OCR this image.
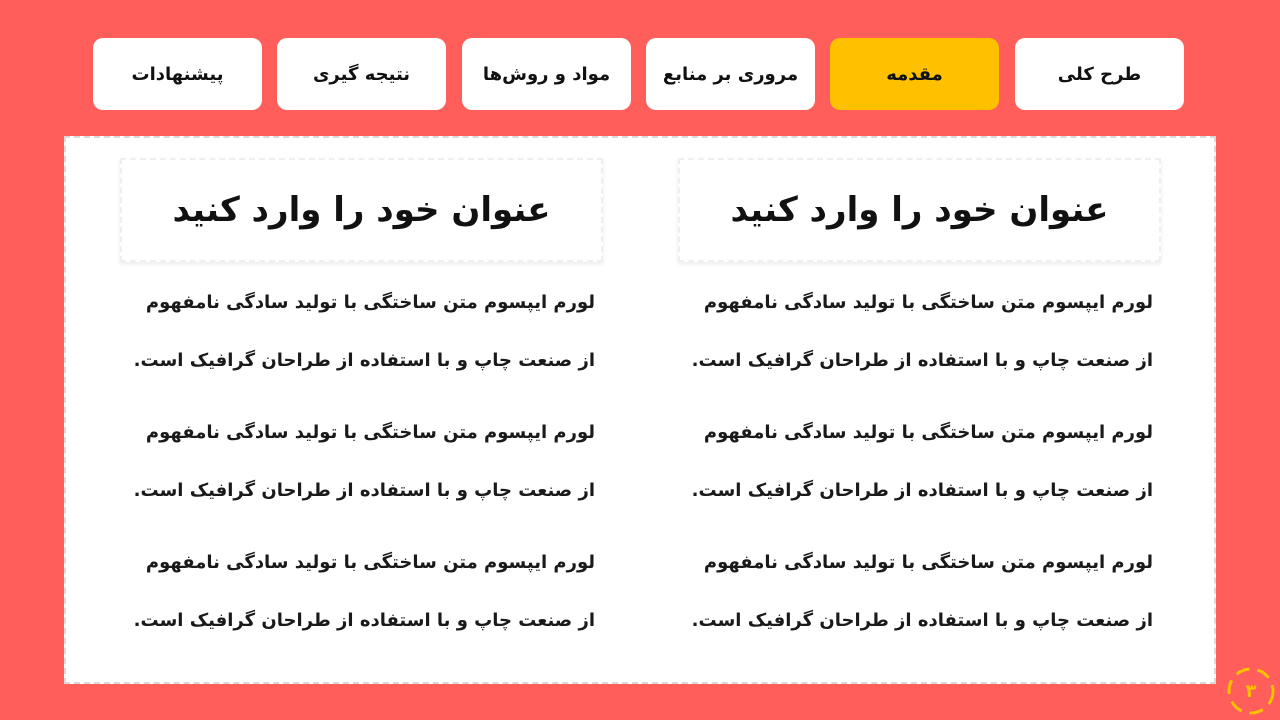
طرح کلی
مقدمه
مروری بر منابع
مواد و روش‌ها
نتیجه گیری
پیشنهادات
عنوان خود را وارد کنید

لورم ایپسوم متن ساختگی با تولید سادگی نامفهوم از صنعت چاپ و با استفاده از طراحان گرافیک است.

لورم ایپسوم متن ساختگی با تولید سادگی نامفهوم از صنعت چاپ و با استفاده از طراحان گرافیک است.

لورم ایپسوم متن ساختگی با تولید سادگی نامفهوم از صنعت چاپ و با استفاده از طراحان گرافیک است.

عنوان خود را وارد کنید

لورم ایپسوم متن ساختگی با تولید سادگی نامفهوم از صنعت چاپ و با استفاده از طراحان گرافیک است.

لورم ایپسوم متن ساختگی با تولید سادگی نامفهوم از صنعت چاپ و با استفاده از طراحان گرافیک است.

لورم ایپسوم متن ساختگی با تولید سادگی نامفهوم از صنعت چاپ و با استفاده از طراحان گرافیک است.

۳
